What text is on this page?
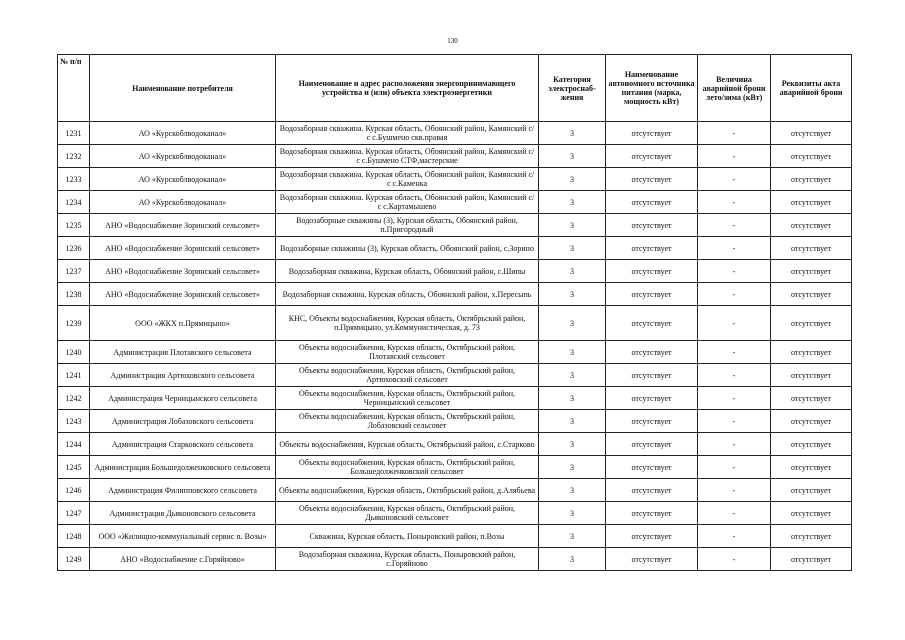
130
№ п/п	Наименование потребителя	Наименование и адрес расположения энергопринимающего устройства и (или) объекта электроэнергетики	Категория электроснаб-жения	Наименование автономного источника питания (марка, мощность кВт)	Величина аварийной брони лето/зима (кВт)	Реквизиты акта аварийной брони
1231	АО «Курскоблводоканал»	Водозаборная скважина. Курская область, Обоянский район, Камянский с/с с.Бушмено скв.правая	3	отсутствует	-	отсутствует
1232	АО «Курскоблводоканал»	Водозаборная скважина. Курская область, Обоянский район, Камянский с/с с.Бушмено СТФ,мастерские	3	отсутствует	-	отсутствует
1233	АО «Курскоблводоканал»	Водозаборная скважина. Курская область, Обоянский район, Камянский с/с с.Каменка	3	отсутствует	-	отсутствует
1234	АО «Курскоблводоканал»	Водозаборная скважина. Курская область, Обоянский район, Камянский с/с с.Картамышево	3	отсутствует	-	отсутствует
1235	АНО «Водоснабжение Зоринский сельсовет»	Водозаборные скважины (3), Курская область, Обоянский район, п.Пригородный	3	отсутствует	-	отсутствует
1236	АНО «Водоснабжение Зоринский сельсовет»	Водозаборные скважины (3), Курская область, Обоянский район, с.Зорино	3	отсутствует	-	отсутствует
1237	АНО «Водоснабжение Зоринский сельсовет»	Водозаборная скважина, Курская область, Обоянский район, с.Шипы	3	отсутствует	-	отсутствует
1238	АНО «Водоснабжение Зоринский сельсовет»	Водозаборная скважина, Курская область, Обоянский район, х.Пересыпь	3	отсутствует	-	отсутствует
1239	ООО «ЖКХ п.Прямицыно»	КНС, Объекты водоснабжения, Курская область, Октябрьский район, п.Прямицыно, ул.Коммунистическая, д. 73	3	отсутствует	-	отсутствует
1240	Администрация Плотавского сельсовета	Объекты водоснабжения, Курская область, Октябрьский район, Плотавский сельсовет	3	отсутствует	-	отсутствует
1241	Администрация Артюховского сельсовета	Объекты водоснабжения, Курская область, Октябрьский район, Артюховский сельсовет	3	отсутствует	-	отсутствует
1242	Администрация Черницынского сельсовета	Объекты водоснабжения, Курская область, Октябрьский район, Черницынский сельсовет	3	отсутствует	-	отсутствует
1243	Администрация Лобазовского сельсовета	Объекты водоснабжения, Курская область, Октябрьский район, Лобазовский сельсовет	3	отсутствует	-	отсутствует
1244	Администрация Старковского сельсовета	Объекты водоснабжения, Курская область, Октябрьский район, с.Старково	3	отсутствует	-	отсутствует
1245	Администрация Большедолженковского сельсовета	Объекты водоснабжения, Курская область, Октябрьский район, Большедолженковский сельсовет	3	отсутствует	-	отсутствует
1246	Администрация Филипповского сельсовета	Объекты водоснабжения, Курская область, Октябрьский район, д.Алябьева	3	отсутствует	-	отсутствует
1247	Администрация Дьяконовского сельсовета	Объекты водоснабжения, Курская область, Октябрьский район, Дьяконовский сельсовет	3	отсутствует	-	отсутствует
1248	ООО «Жилищно-коммунальный сервис п. Возы»	Скважина, Курская область, Поныровский район, п.Возы	3	отсутствует	-	отсутствует
1249	АНО «Водоснабжение с.Горяйново»	Водозаборная скважина, Курская область, Поныровский район, с.Горяйново	3	отсутствует	-	отсутствует
